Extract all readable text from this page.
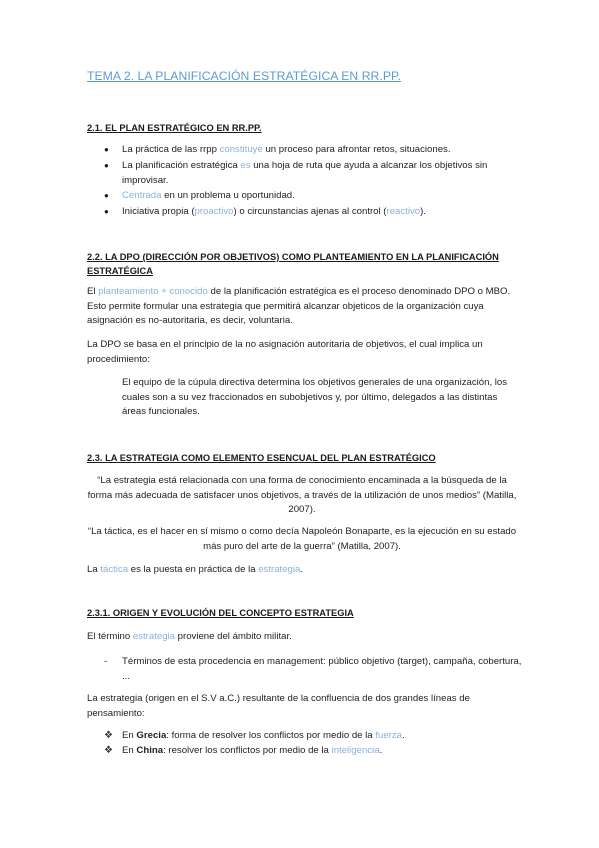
TEMA 2. LA PLANIFICACIÓN ESTRATÉGICA EN RR.PP.
2.1. EL PLAN ESTRATÉGICO EN RR.PP.
●	La práctica de las rrpp constituye un proceso para afrontar retos, situaciones.
●	La planificación estratégica es una hoja de ruta que ayuda a alcanzar los objetivos sin improvisar.
●	Centrada en un problema u oportunidad.
●	Iniciativa propia (proactivo) o circunstancias ajenas al control (reactivo).
2.2. LA DPO (DIRECCIÓN POR OBJETIVOS) COMO PLANTEAMIENTO EN LA PLANIFICACIÓN ESTRATÉGICA
El planteamiento + conocido de la planificación estratégica es el proceso denominado DPO o MBO. Esto permite formular una estrategia que permitirá alcanzar objeticos de la organización cuya asignación es no-autoritaria, es decir, voluntaria.
La DPO se basa en el principio de la no asignación autoritaria de objetivos, el cual implica un procedimiento:
El equipo de la cúpula directiva determina los objetivos generales de una organización, los cuales son a su vez fraccionados en subobjetivos y, por último, delegados a las distintas áreas funcionales.
2.3. LA ESTRATEGIA COMO ELEMENTO ESENCUAL DEL PLAN ESTRATÉGICO
“La estrategia está relacionada con una forma de conocimiento encaminada a la búsqueda de la forma más adecuada de satisfacer unos objetivos, a través de la utilización de unos medios” (Matilla, 2007).
“La táctica, es el hacer en sí mismo o como decía Napoleón Bonaparte, es la ejecución en su estado más puro del arte de la guerra” (Matilla, 2007).
La táctica es la puesta en práctica de la estrategia.
2.3.1. ORIGEN Y EVOLUCIÓN DEL CONCEPTO ESTRATEGIA
El término estrategia proviene del ámbito militar.
- Términos de esta procedencia en management: público objetivo (target), campaña, cobertura, ...
La estrategia (origen en el S.V a.C.) resultante de la confluencia de dos grandes líneas de pensamiento:
❖ En Grecia: forma de resolver los conflictos por medio de la fuerza.
❖ En China: resolver los conflictos por medio de la inteligencia.
